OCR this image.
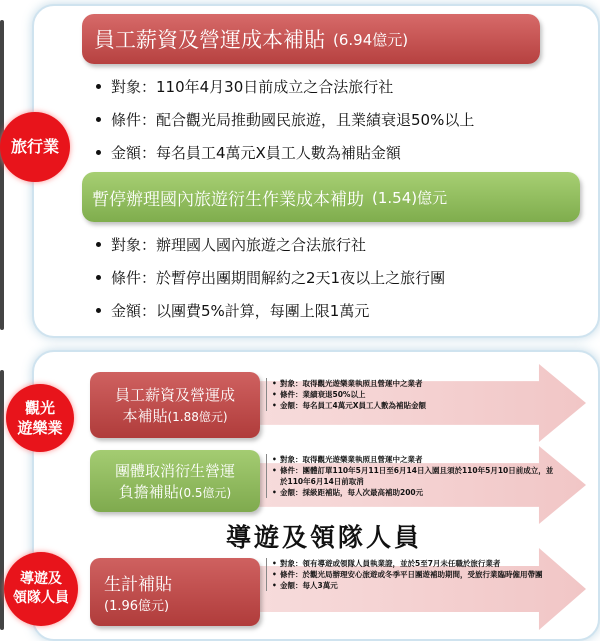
旅行業
員工薪資及營運成本補貼 (6.94億元)
對象：110年4月30日前成立之合法旅行社
條件：配合觀光局推動國民旅遊，且業績衰退50%以上
金額：每名員工4萬元X員工人數為補貼金額
暫停辦理國內旅遊衍生作業成本補助 (1.54)億元
對象：辦理國人國內旅遊之合法旅行社
條件：於暫停出團期間解約之2天1夜以上之旅行團
金額：以團費5%計算，每團上限1萬元
觀光
遊樂業
導遊及
領隊人員
員工薪資及營運成
本補貼(1.88億元)
• 對象：取得觀光遊樂業執照且營運中之業者
• 條件：業績衰退50%以上
• 金額：每名員工4萬元X員工人數為補貼金額
團體取消衍生營運
負擔補貼(0.5億元)
• 對象：取得觀光遊樂業執照且營運中之業者
• 條件：團體訂單110年5月11日至6月14日入園且須於110年5月10日前成立，並於110年6月14日前取消
• 金額：採級距補貼，每人次最高補助200元
導遊及領隊人員
生計補貼
(1.96億元)
• 對象：領有導遊或領隊人員執業證，並於5至7月未任職於旅行業者
• 條件：於觀光局辦理安心旅遊或冬季平日團遊補助期間，受旅行業臨時僱用帶團
• 金額：每人3萬元
